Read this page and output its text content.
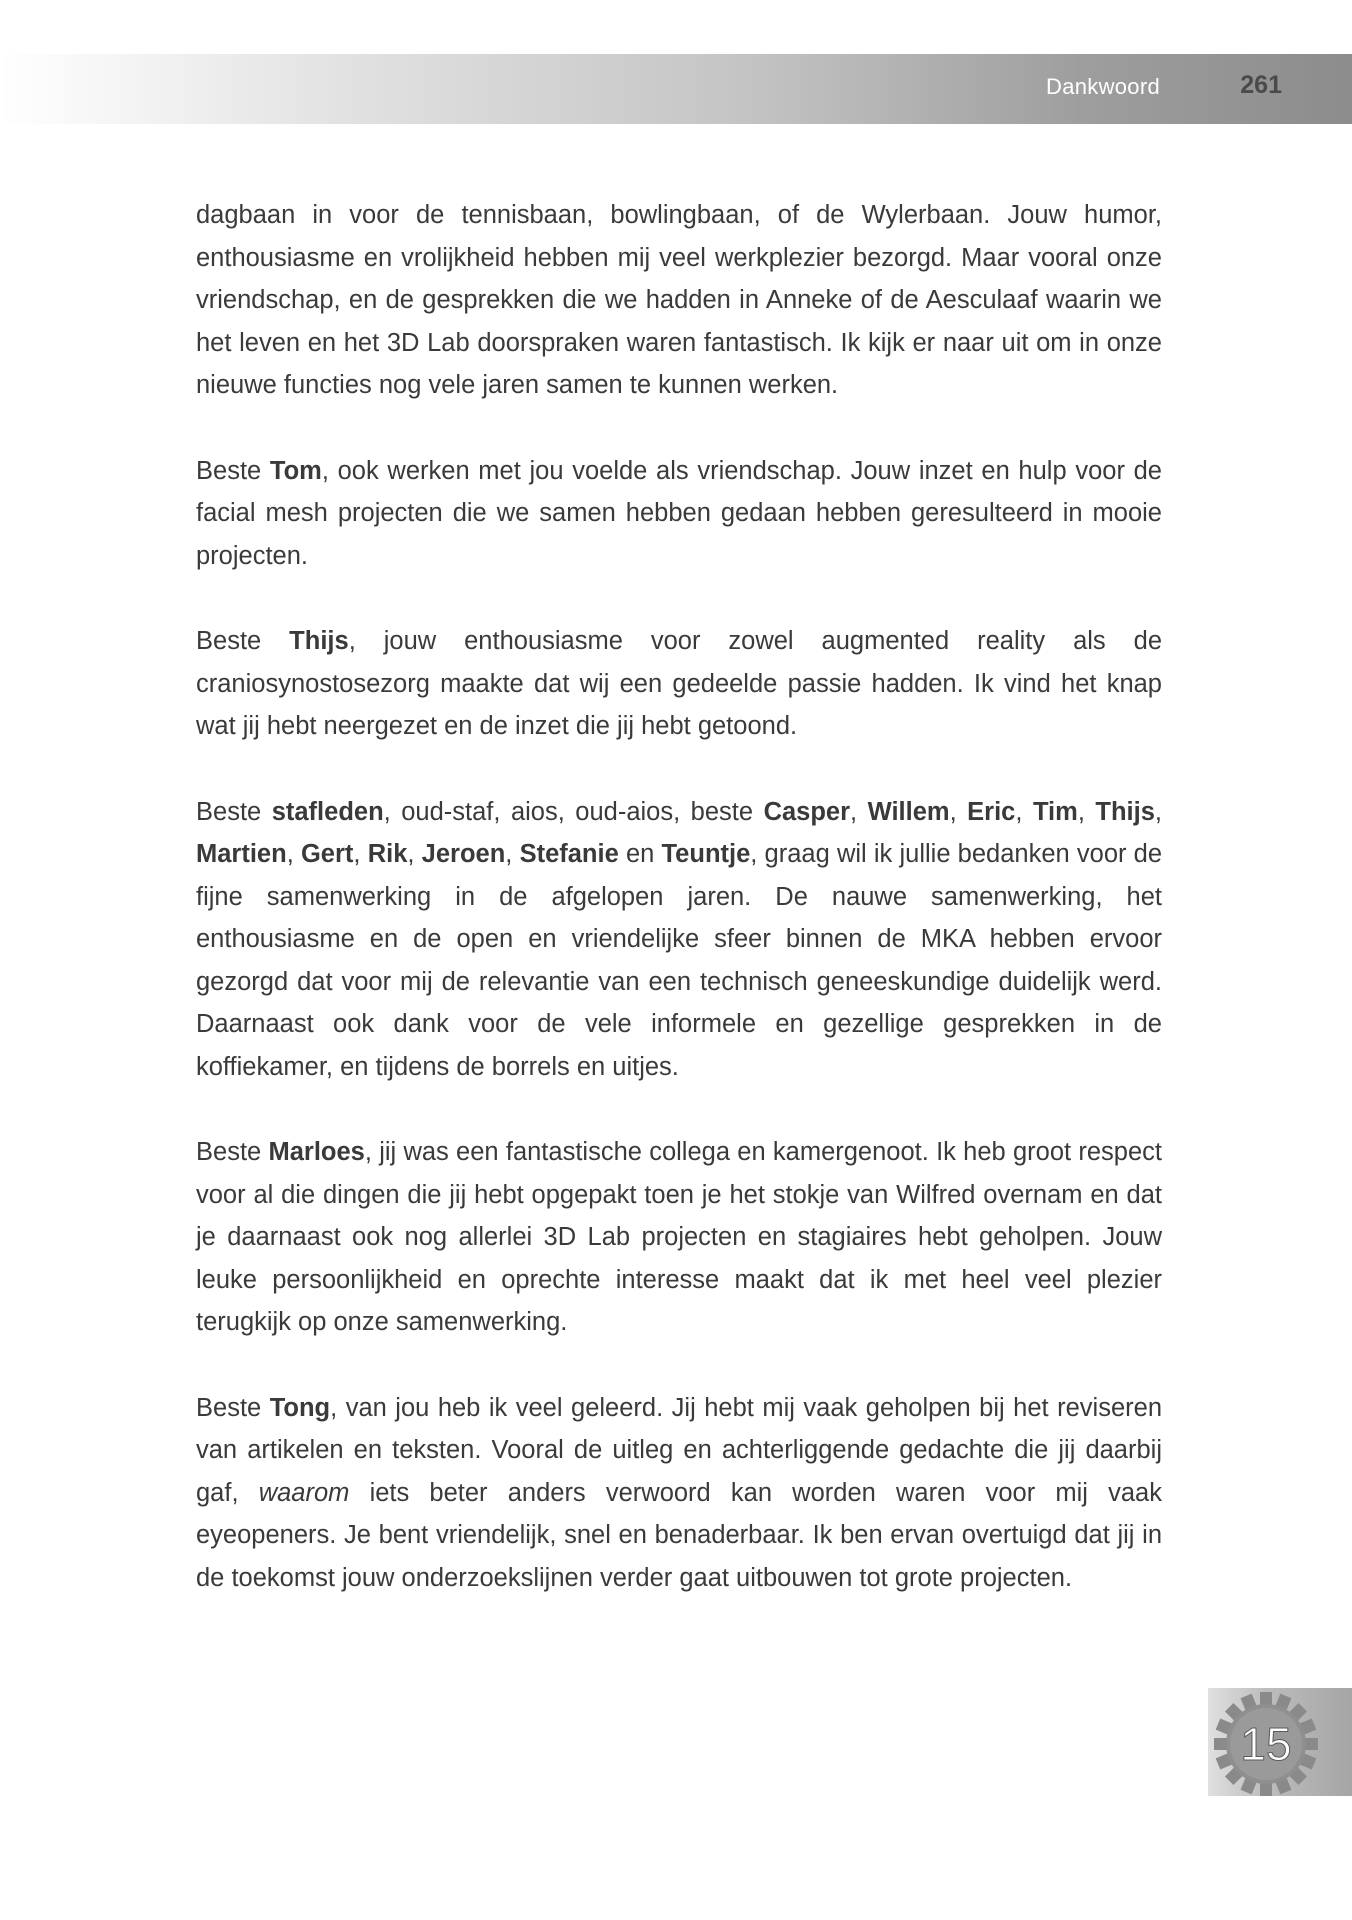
Dankwoord	261

dagbaan in voor de tennisbaan, bowlingbaan, of de Wylerbaan. Jouw humor, enthousiasme en vrolijkheid hebben mij veel werkplezier bezorgd. Maar vooral onze vriendschap, en de gesprekken die we hadden in Anneke of de Aesculaaf waarin we het leven en het 3D Lab doorspraken waren fantastisch. Ik kijk er naar uit om in onze nieuwe functies nog vele jaren samen te kunnen werken.

Beste Tom, ook werken met jou voelde als vriendschap. Jouw inzet en hulp voor de facial mesh projecten die we samen hebben gedaan hebben geresulteerd in mooie projecten.

Beste Thijs, jouw enthousiasme voor zowel augmented reality als de craniosynostosezorg maakte dat wij een gedeelde passie hadden. Ik vind het knap wat jij hebt neergezet en de inzet die jij hebt getoond.

Beste stafleden, oud-staf, aios, oud-aios, beste Casper, Willem, Eric, Tim, Thijs, Martien, Gert, Rik, Jeroen, Stefanie en Teuntje, graag wil ik jullie bedanken voor de fijne samenwerking in de afgelopen jaren. De nauwe samenwerking, het enthousiasme en de open en vriendelijke sfeer binnen de MKA hebben ervoor gezorgd dat voor mij de relevantie van een technisch geneeskundige duidelijk werd. Daarnaast ook dank voor de vele informele en gezellige gesprekken in de koffiekamer, en tijdens de borrels en uitjes.

Beste Marloes, jij was een fantastische collega en kamergenoot. Ik heb groot respect voor al die dingen die jij hebt opgepakt toen je het stokje van Wilfred overnam en dat je daarnaast ook nog allerlei 3D Lab projecten en stagiaires hebt geholpen. Jouw leuke persoonlijkheid en oprechte interesse maakt dat ik met heel veel plezier terugkijk op onze samenwerking.

Beste Tong, van jou heb ik veel geleerd. Jij hebt mij vaak geholpen bij het reviseren van artikelen en teksten. Vooral de uitleg en achterliggende gedachte die jij daarbij gaf, waarom iets beter anders verwoord kan worden waren voor mij vaak eyeopeners. Je bent vriendelijk, snel en benaderbaar. Ik ben ervan overtuigd dat jij in de toekomst jouw onderzoekslijnen verder gaat uitbouwen tot grote projecten.

15
